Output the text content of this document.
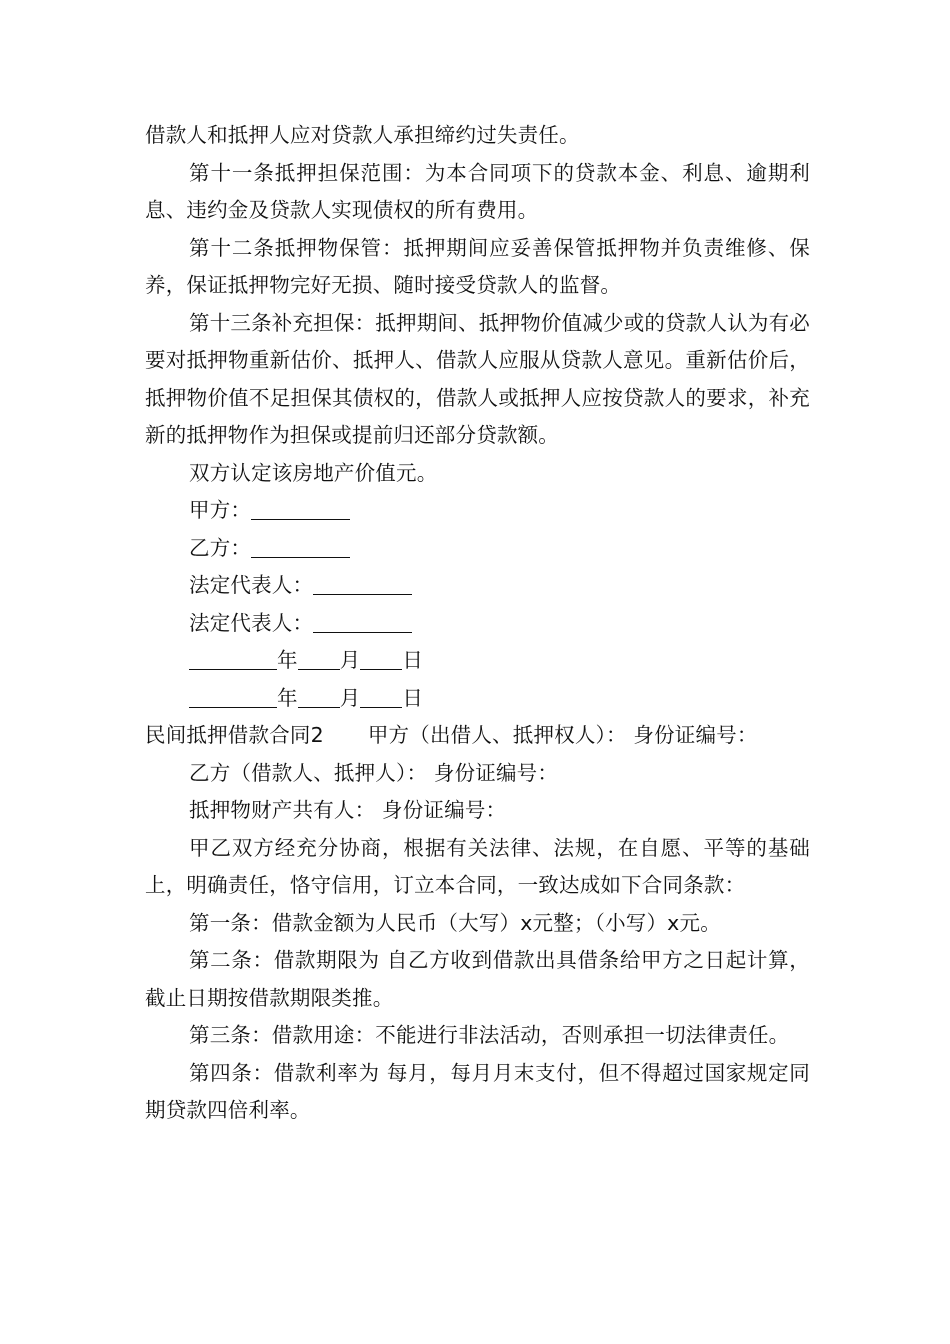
借款人和抵押人应对贷款人承担缔约过失责任。

第十一条抵押担保范围：为本合同项下的贷款本金、利息、逾期利息、违约金及贷款人实现债权的所有费用。

第十二条抵押物保管：抵押期间应妥善保管抵押物并负责维修、保养，保证抵押物完好无损、随时接受贷款人的监督。

第十三条补充担保：抵押期间、抵押物价值减少或的贷款人认为有必要对抵押物重新估价、抵押人、借款人应服从贷款人意见。重新估价后，抵押物价值不足担保其债权的，借款人或抵押人应按贷款人的要求，补充新的抵押物作为担保或提前归还部分贷款额。

双方认定该房地产价值元。

甲方：
乙方：
法定代表人：
法定代表人：
年 月 日
年 月 日
民间抵押借款合同2 甲方（出借人、抵押权人）： 身份证编号：
乙方（借款人、抵押人）： 身份证编号：
抵押物财产共有人： 身份证编号：

甲乙双方经充分协商，根据有关法律、法规，在自愿、平等的基础上，明确责任，恪守信用，订立本合同，一致达成如下合同条款：

第一条：借款金额为人民币（大写）x元整；（小写）x元。

第二条：借款期限为 自乙方收到借款出具借条给甲方之日起计算，截止日期按借款期限类推。

第三条：借款用途：不能进行非法活动，否则承担一切法律责任。

第四条：借款利率为 每月，每月月末支付，但不得超过国家规定同期贷款四倍利率。
